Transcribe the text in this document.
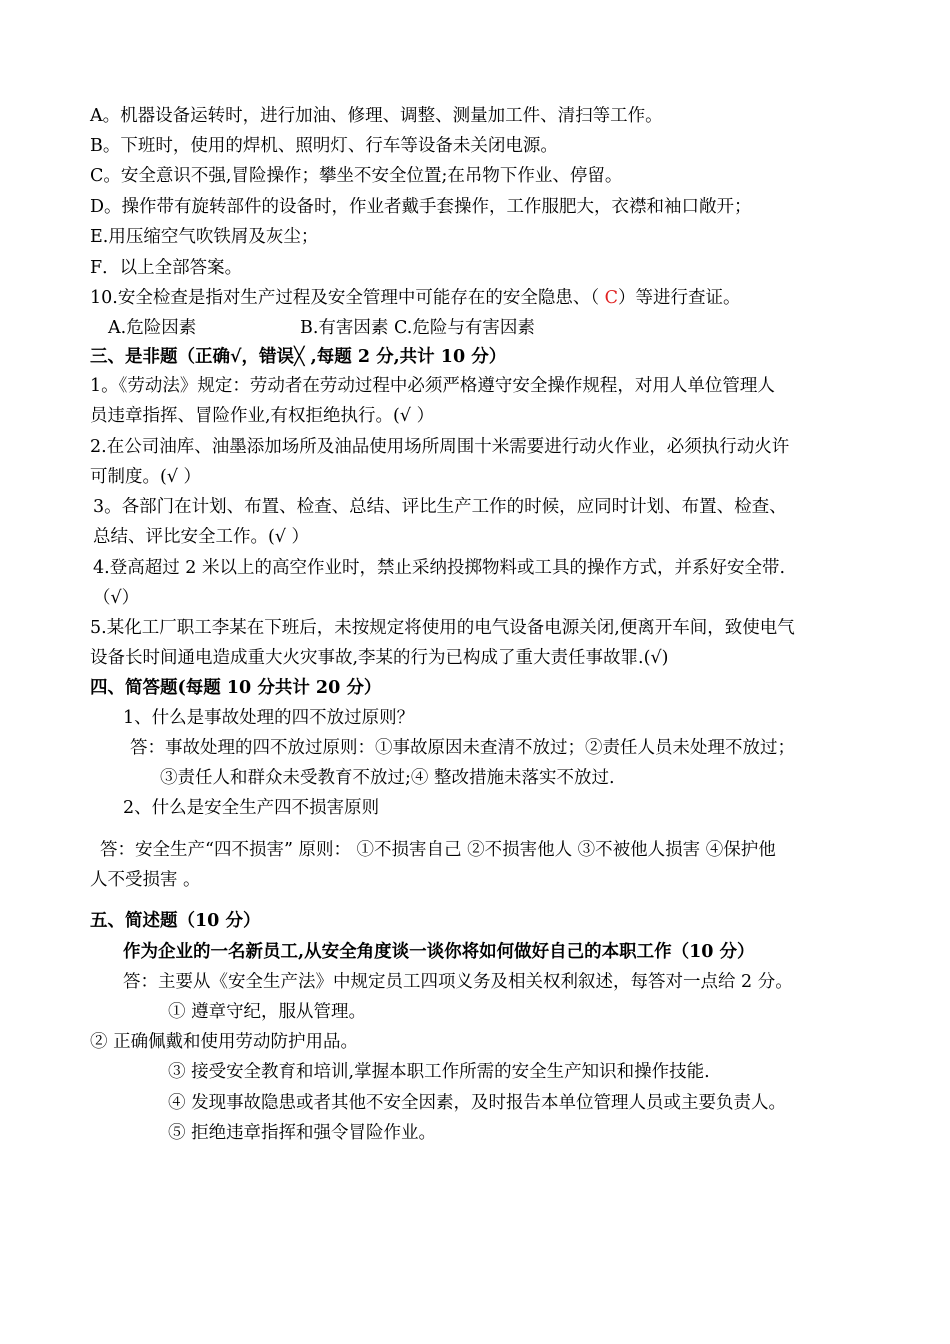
A。机器设备运转时，进行加油、修理、调整、测量加工件、清扫等工作。
B。下班时，使用的焊机、照明灯、行车等设备未关闭电源。
C。安全意识不强,冒险操作；攀坐不安全位置;在吊物下作业、停留。
D。操作带有旋转部件的设备时，作业者戴手套操作，工作服肥大，衣襟和袖口敞开；
E.用压缩空气吹铁屑及灰尘；
F．以上全部答案。
10.安全检查是指对生产过程及安全管理中可能存在的安全隐患、（ C）等进行查证。
A.危险因素	B.有害因素 C.危险与有害因素
三、是非题（正确√，错误╳ ,每题 2 分,共计 10 分）
1。《劳动法》规定：劳动者在劳动过程中必须严格遵守安全操作规程，对用人单位管理人
员违章指挥、冒险作业,有权拒绝执行。(√ ）
2.在公司油库、油墨添加场所及油品使用场所周围十米需要进行动火作业，必须执行动火许
可制度。(√ ）
3。各部门在计划、布置、检查、总结、评比生产工作的时候，应同时计划、布置、检查、
总结、评比安全工作。(√ ）
4.登高超过 2 米以上的高空作业时，禁止采纳投掷物料或工具的操作方式，并系好安全带.
（√）
5.某化工厂职工李某在下班后，未按规定将使用的电气设备电源关闭,便离开车间，致使电气
设备长时间通电造成重大火灾事故,李某的行为已构成了重大责任事故罪.(√)
四、简答题(每题 10 分共计 20 分）
1、什么是事故处理的四不放过原则？
答：事故处理的四不放过原则：①事故原因未查清不放过；②责任人员未处理不放过；
③责任人和群众未受教育不放过;④ 整改措施未落实不放过.
2、什么是安全生产四不损害原则
答：安全生产“四不损害” 原则： ①不损害自己 ②不损害他人 ③不被他人损害 ④保护他
人不受损害 。
五、简述题（10 分）
作为企业的一名新员工,从安全角度谈一谈你将如何做好自己的本职工作（10 分）
答：主要从《安全生产法》中规定员工四项义务及相关权利叙述，每答对一点给 2 分。
① 遵章守纪，服从管理。
② 正确佩戴和使用劳动防护用品。
③ 接受安全教育和培训,掌握本职工作所需的安全生产知识和操作技能.
④ 发现事故隐患或者其他不安全因素，及时报告本单位管理人员或主要负责人。
⑤ 拒绝违章指挥和强令冒险作业。
